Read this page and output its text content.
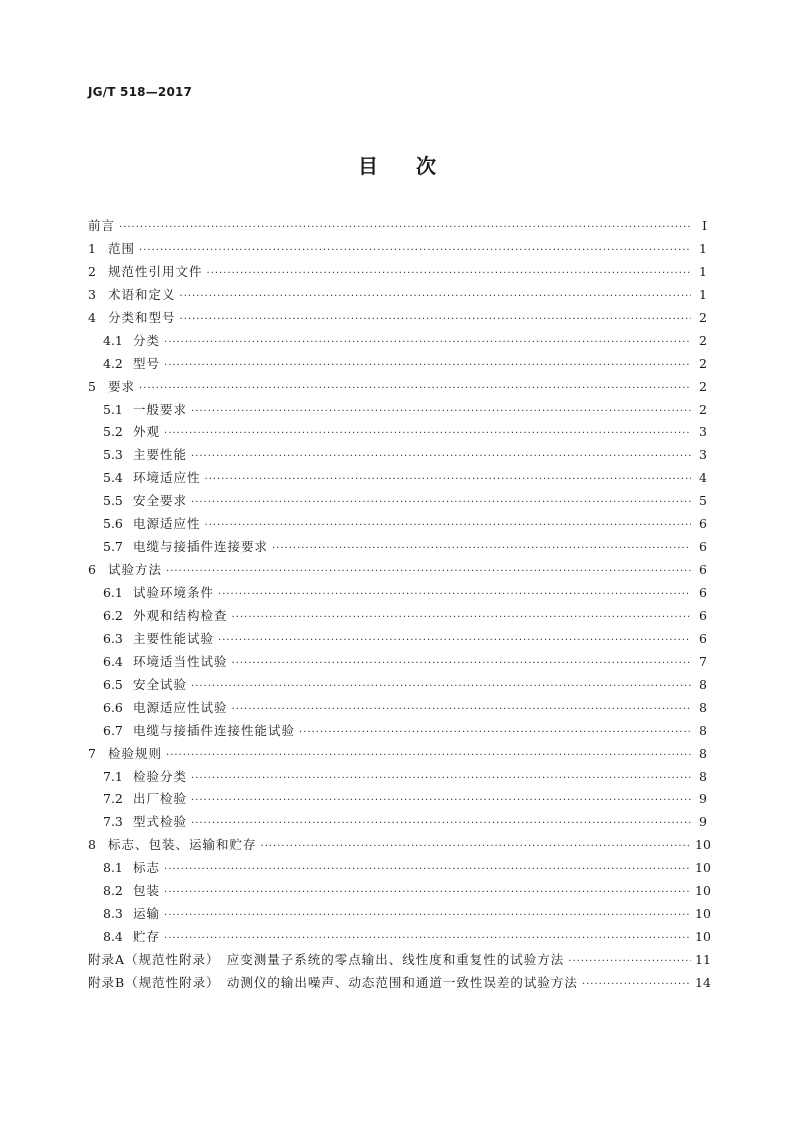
JG/T 518—2017
目次
前言 ·····	Ⅰ
1 范围 ·····	1
2 规范性引用文件 ·····	1
3 术语和定义 ·····	1
4 分类和型号 ·····	2
4.1 分类 ·····	2
4.2 型号 ·····	2
5 要求 ·····	2
5.1 一般要求 ·····	2
5.2 外观 ·····	3
5.3 主要性能 ·····	3
5.4 环境适应性 ·····	4
5.5 安全要求 ·····	5
5.6 电源适应性 ·····	6
5.7 电缆与接插件连接要求 ·····	6
6 试验方法 ·····	6
6.1 试验环境条件 ·····	6
6.2 外观和结构检查 ·····	6
6.3 主要性能试验 ·····	6
6.4 环境适当性试验 ·····	7
6.5 安全试验 ·····	8
6.6 电源适应性试验 ·····	8
6.7 电缆与接插件连接性能试验 ·····	8
7 检验规则 ·····	8
7.1 检验分类 ·····	8
7.2 出厂检验 ·····	9
7.3 型式检验 ·····	9
8 标志、包装、运输和贮存 ·····	10
8.1 标志 ·····	10
8.2 包装 ·····	10
8.3 运输 ·····	10
8.4 贮存 ·····	10
附录A（规范性附录）　应变测量子系统的零点输出、线性度和重复性的试验方法 ·····	11
附录B（规范性附录）　动测仪的输出噪声、动态范围和通道一致性误差的试验方法 ·····	14
